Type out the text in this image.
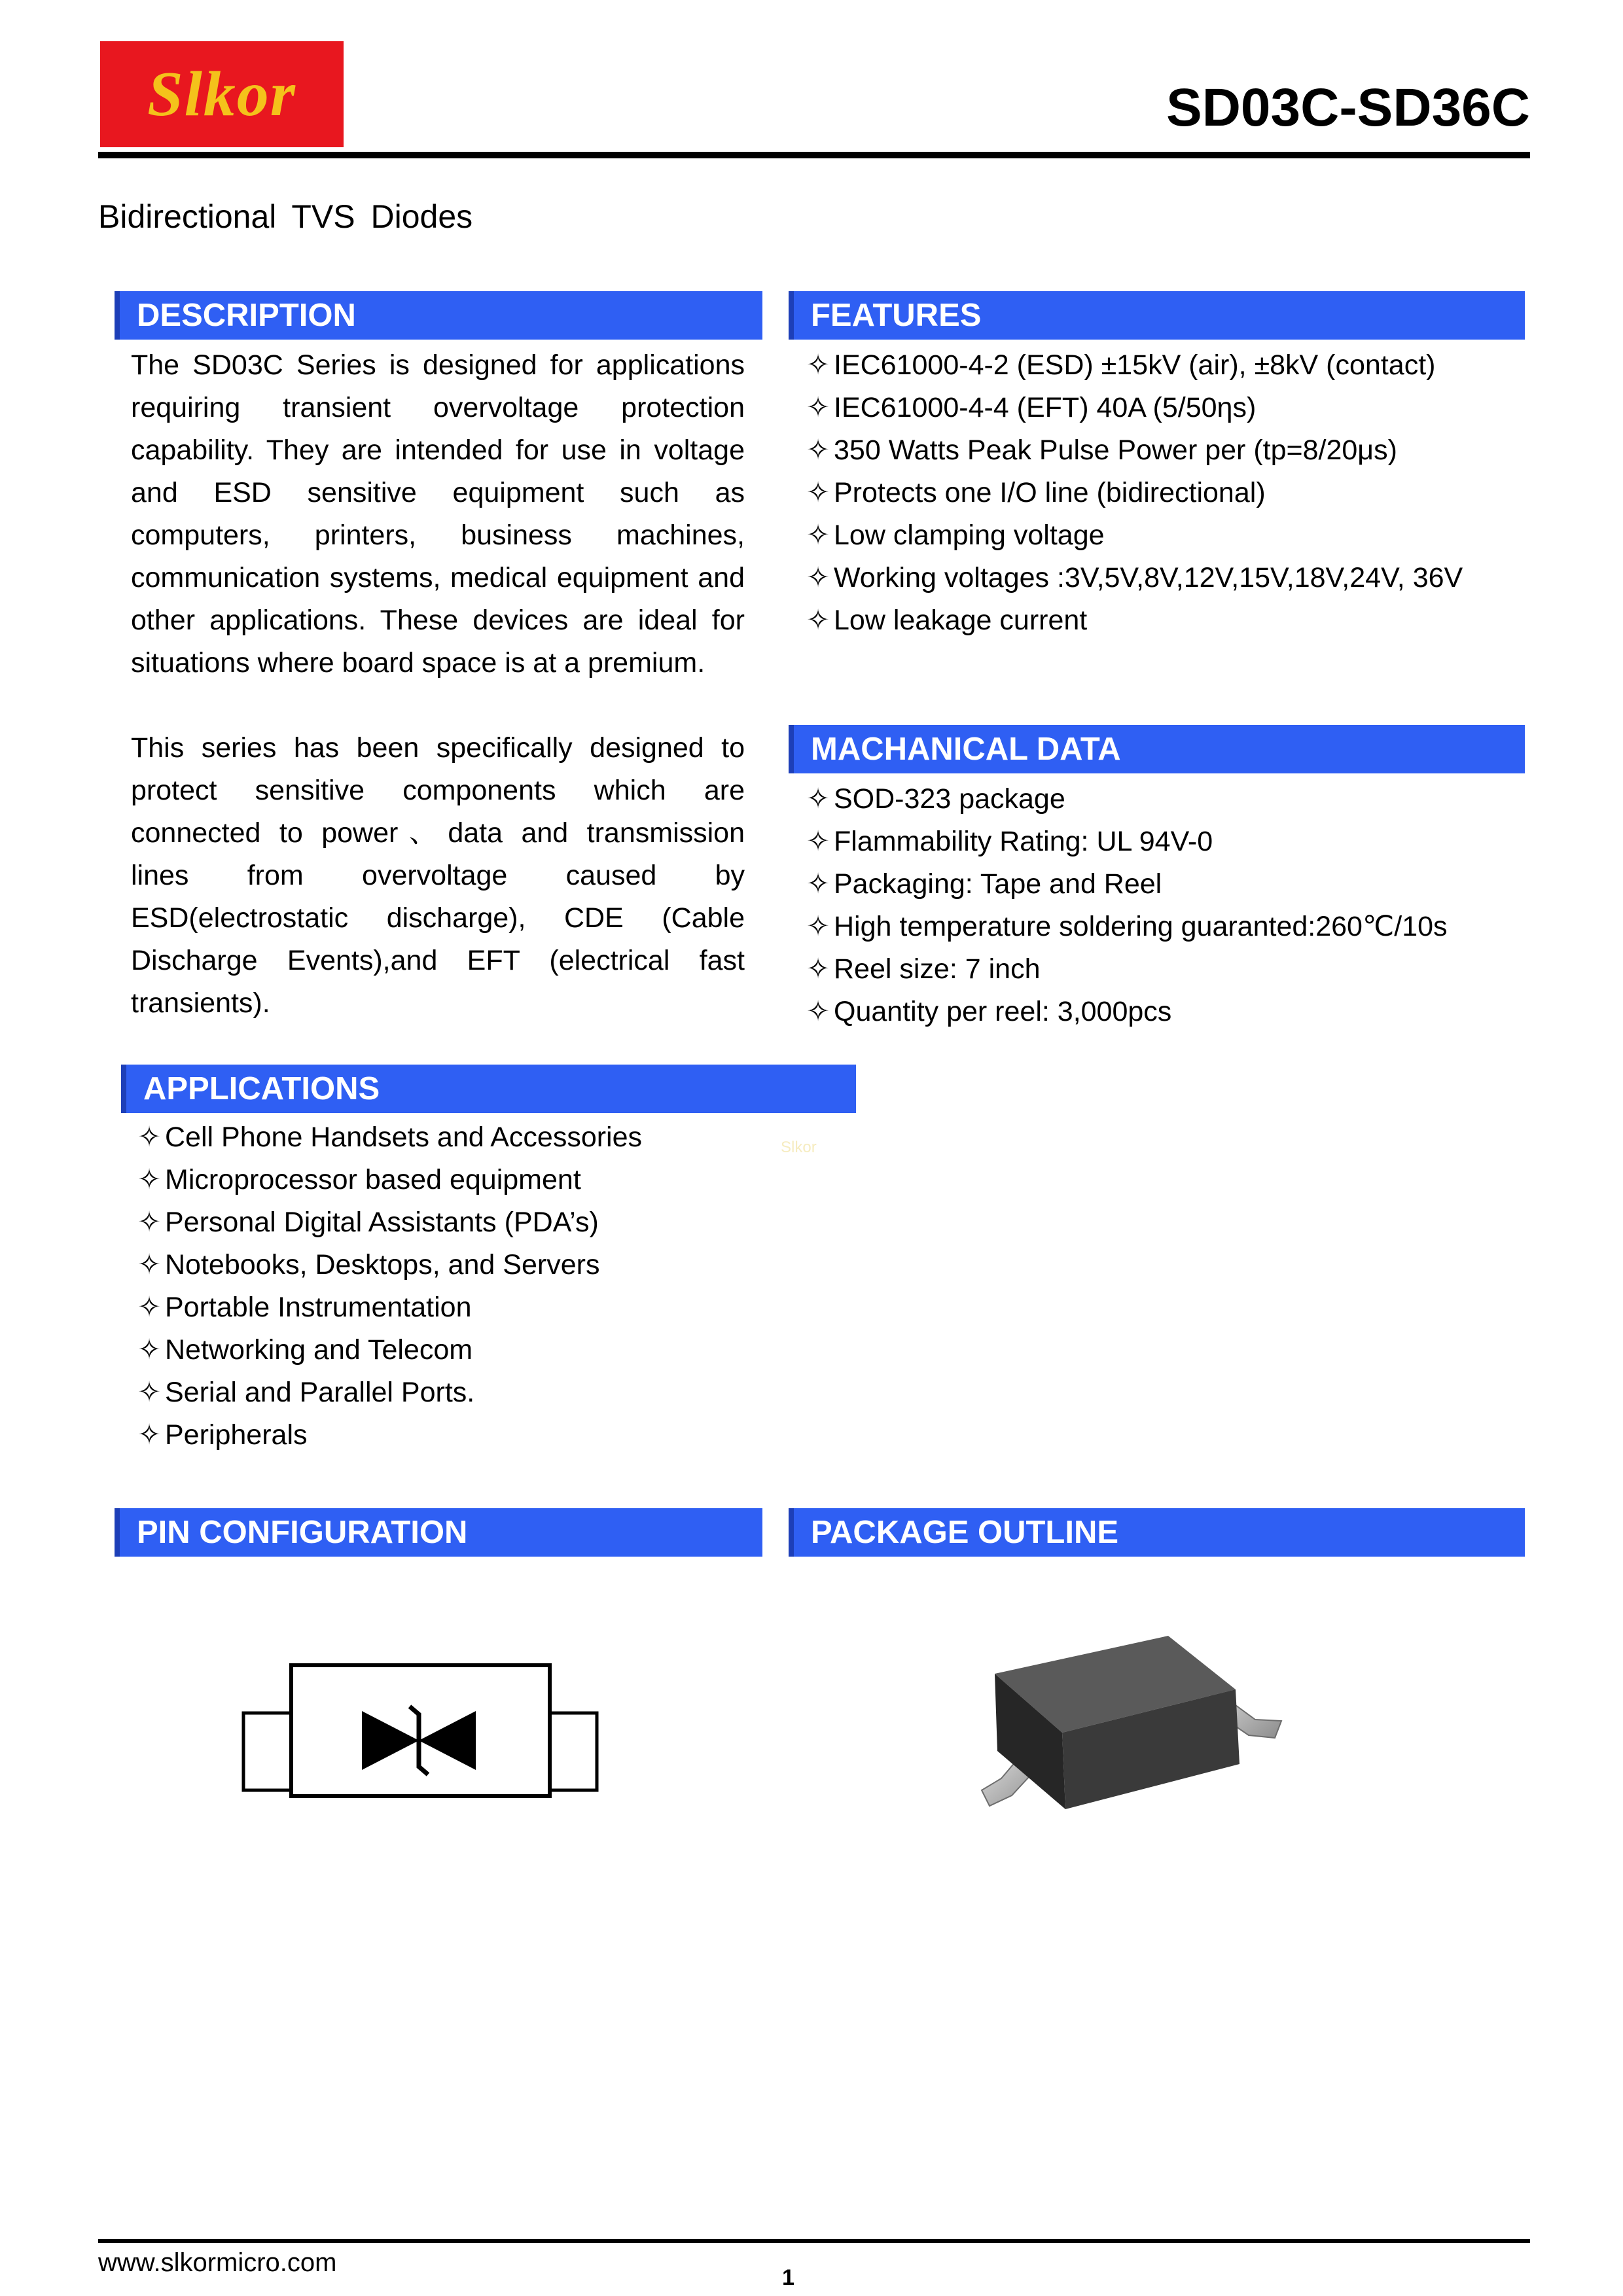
Slkor	SD03C-SD36C
Bidirectional TVS Diodes
DESCRIPTION
The SD03C Series is designed for applications requiring transient overvoltage protection capability. They are intended for use in voltage and ESD sensitive equipment such as computers, printers, business machines, communication systems, medical equipment and other applications. These devices are ideal for situations where board space is at a premium.
This series has been specifically designed to protect sensitive components which are connected to power、data and transmission lines from overvoltage caused by ESD(electrostatic discharge), CDE (Cable Discharge Events),and EFT (electrical fast transients).
FEATURES
✧ IEC61000-4-2 (ESD) ±15kV (air), ±8kV (contact)
✧ IEC61000-4-4 (EFT) 40A (5/50ηs)
✧ 350 Watts Peak Pulse Power per (tp=8/20μs)
✧ Protects one I/O line (bidirectional)
✧ Low clamping voltage
✧ Working voltages :3V,5V,8V,12V,15V,18V,24V, 36V
✧ Low leakage current
MACHANICAL DATA
✧ SOD-323 package
✧ Flammability Rating: UL 94V-0
✧ Packaging: Tape and Reel
✧ High temperature soldering guaranted:260℃/10s
✧ Reel size: 7 inch
✧ Quantity per reel: 3,000pcs
APPLICATIONS
Slkor
✧ Cell Phone Handsets and Accessories
✧ Microprocessor based equipment
✧ Personal Digital Assistants (PDA’s)
✧ Notebooks, Desktops, and Servers
✧ Portable Instrumentation
✧ Networking and Telecom
✧ Serial and Parallel Ports.
✧ Peripherals
PIN CONFIGURATION	PACKAGE OUTLINE
www.slkormicro.com
1
